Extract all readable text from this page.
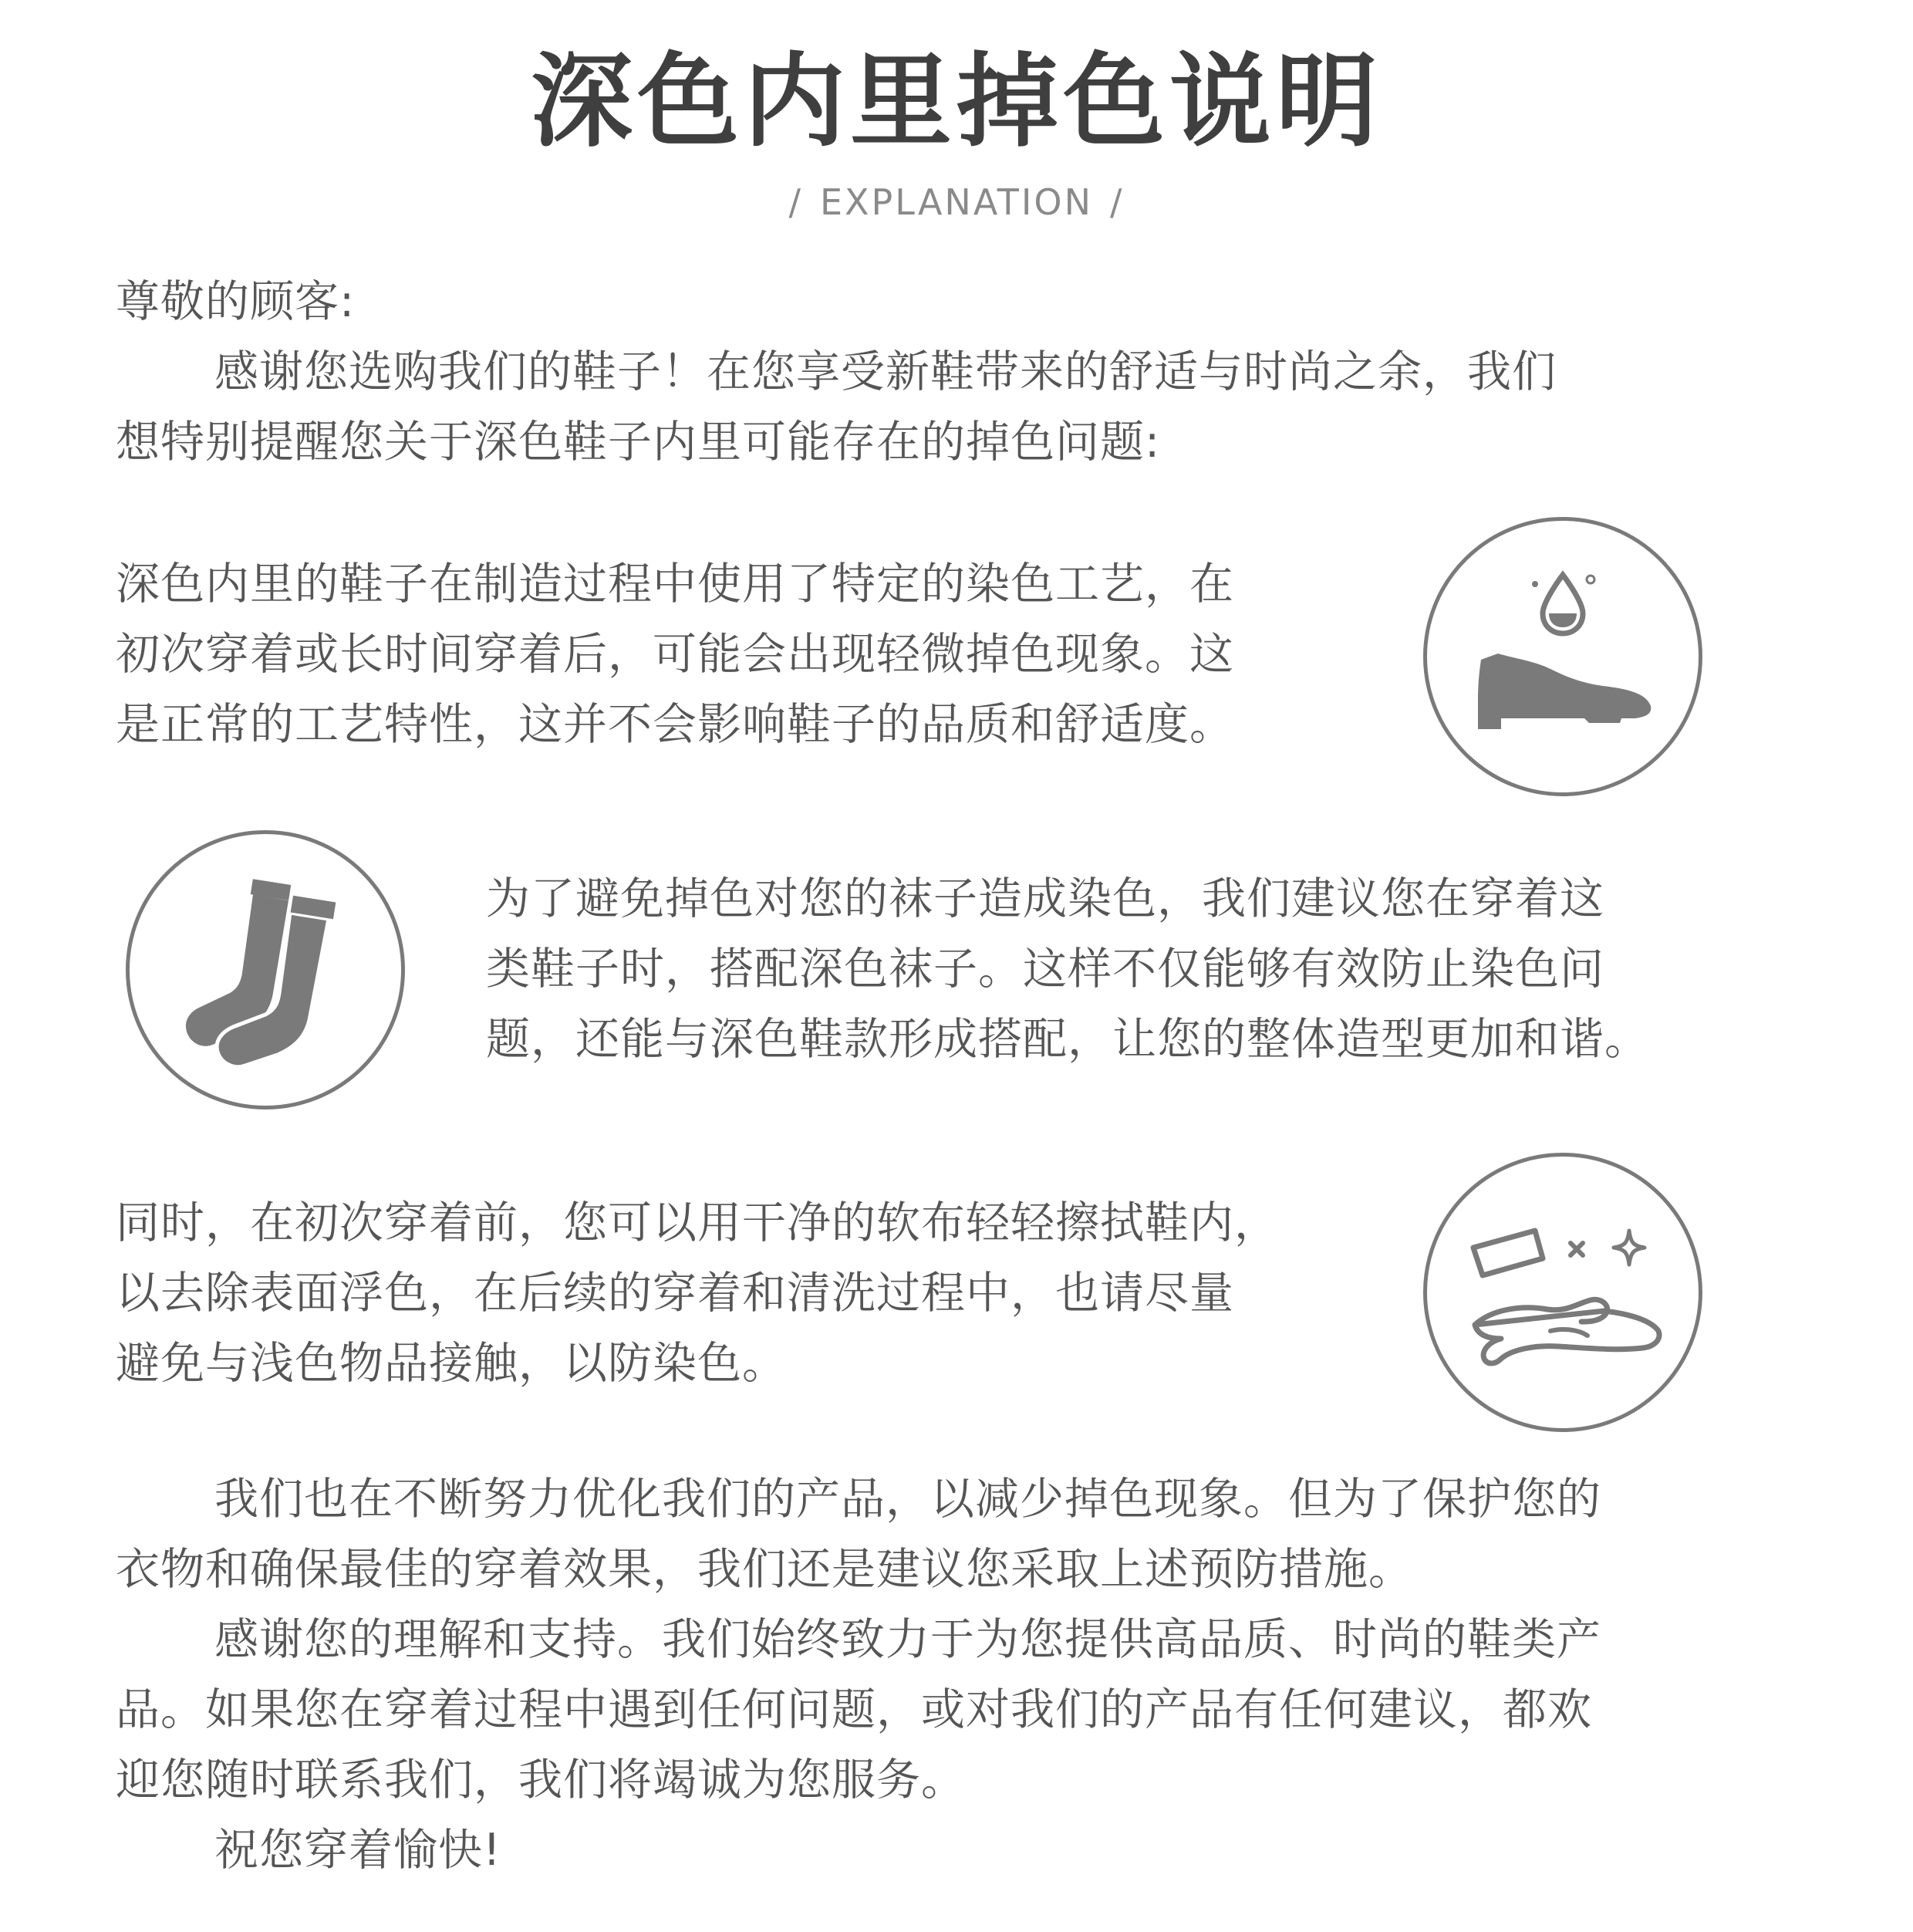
深色内里掉色说明
/ EXPLANATION /
尊敬的顾客:
感谢您选购我们的鞋子！在您享受新鞋带来的舒适与时尚之余，我们
想特别提醒您关于深色鞋子内里可能存在的掉色问题:
深色内里的鞋子在制造过程中使用了特定的染色工艺，在
初次穿着或长时间穿着后，可能会出现轻微掉色现象。这
是正常的工艺特性，这并不会影响鞋子的品质和舒适度。
为了避免掉色对您的袜子造成染色，我们建议您在穿着这
类鞋子时，搭配深色袜子。这样不仅能够有效防止染色问
题，还能与深色鞋款形成搭配，让您的整体造型更加和谐。
同时，在初次穿着前，您可以用干净的软布轻轻擦拭鞋内，
以去除表面浮色，在后续的穿着和清洗过程中，也请尽量
避免与浅色物品接触，以防染色。
我们也在不断努力优化我们的产品，以减少掉色现象。但为了保护您的
衣物和确保最佳的穿着效果，我们还是建议您采取上述预防措施。
感谢您的理解和支持。我们始终致力于为您提供高品质、时尚的鞋类产
品。如果您在穿着过程中遇到任何问题，或对我们的产品有任何建议，都欢
迎您随时联系我们，我们将竭诚为您服务。
祝您穿着愉快!
